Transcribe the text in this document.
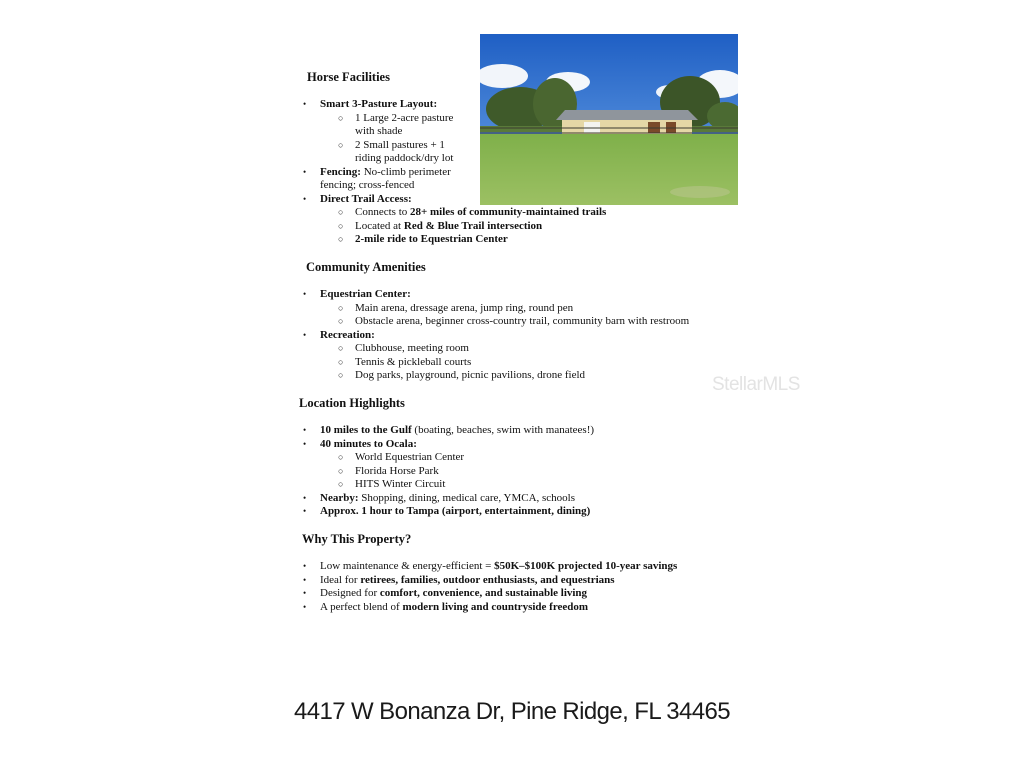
Horse Facilities
• Smart 3-Pasture Layout:
○ 1 Large 2-acre pasture
with shade
○ 2 Small pastures + 1
riding paddock/dry lot
• Fencing: No-climb perimeter
fencing; cross-fenced
• Direct Trail Access:
○ Connects to 28+ miles of community-maintained trails
○ Located at Red & Blue Trail intersection
○ 2-mile ride to Equestrian Center
Community Amenities
• Equestrian Center:
○ Main arena, dressage arena, jump ring, round pen
○ Obstacle arena, beginner cross-country trail, community barn with restroom
• Recreation:
○ Clubhouse, meeting room
○ Tennis & pickleball courts
○ Dog parks, playground, picnic pavilions, drone field
Location Highlights
• 10 miles to the Gulf (boating, beaches, swim with manatees!)
• 40 minutes to Ocala:
○ World Equestrian Center
○ Florida Horse Park
○ HITS Winter Circuit
• Nearby: Shopping, dining, medical care, YMCA, schools
• Approx. 1 hour to Tampa (airport, entertainment, dining)
Why This Property?
• Low maintenance & energy-efficient = $50K–$100K projected 10-year savings
• Ideal for retirees, families, outdoor enthusiasts, and equestrians
• Designed for comfort, convenience, and sustainable living
• A perfect blend of modern living and countryside freedom
StellarMLS
4417 W Bonanza Dr, Pine Ridge, FL 34465
